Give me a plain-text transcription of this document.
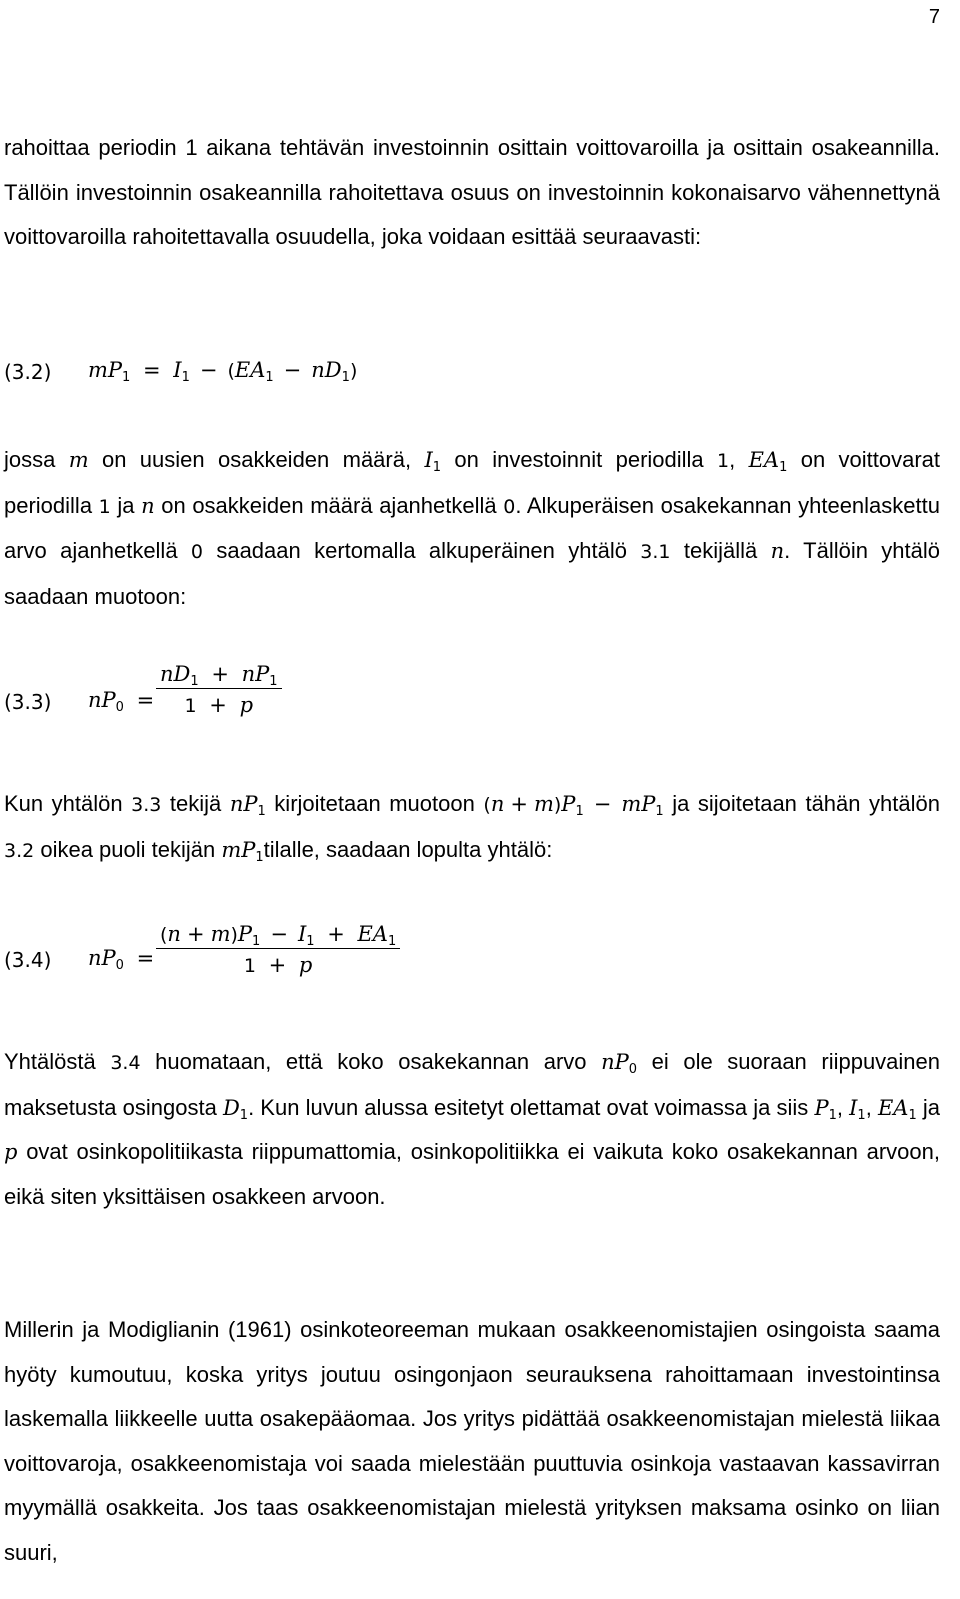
7

rahoittaa periodin 1 aikana tehtävän investoinnin osittain voittovaroilla ja osittain osakeannilla. Tällöin investoinnin osakeannilla rahoitettava osuus on investoinnin kokonaisarvo vähennettynä voittovaroilla rahoitettavalla osuudella, joka voidaan esittää seuraavasti:

(3.2) $mP_1 = I_1 - (EA_1 - nD_1)$

jossa m on uusien osakkeiden määrä, $I_1$ on investoinnit periodilla 1, $EA_1$ on voittovarat periodilla 1 ja n on osakkeiden määrä ajanhetkellä 0. Alkuperäisen osakekannan yhteenlaskettu arvo ajanhetkellä 0 saadaan kertomalla alkuperäinen yhtälö 3.1 tekijällä n. Tällöin yhtälö saadaan muotoon:

(3.3) $nP_0 = \frac{nD_1 + nP_1}{1 + p}$

Kun yhtälön 3.3 tekijä $nP_1$ kirjoitetaan muotoon $(n + m)P_1 - mP_1$ ja sijoitetaan tähän yhtälön 3.2 oikea puoli tekijän $mP_1tilalle$, saadaan lopulta yhtälö:

(3.4) $nP_0 = \frac{(n + m)P_1 - I_1 + EA_1}{1 + p}$

Yhtälöstä 3.4 huomataan, että koko osakekannan arvo $nP_0$ ei ole suoraan riippuvainen maksetusta osingosta $D_1$. Kun luvun alussa esitetyt olettamat ovat voimassa ja siis $P_1$, $I_1$, $EA_1$ ja p ovat osinkopolitiikasta riippumattomia, osinkopolitiikka ei vaikuta koko osakekannan arvoon, eikä siten yksittäisen osakkeen arvoon.

Millerin ja Modiglianin (1961) osinkoteoreeman mukaan osakkeenomistajien osingoista saama hyöty kumoutuu, koska yritys joutuu osingonjaon seurauksena rahoittamaan investointinsa laskemalla liikkeelle uutta osakepääomaa. Jos yritys pidättää osakkeenomistajan mielestä liikaa voittovaroja, osakkeenomistaja voi saada mielestään puuttuvia osinkoja vastaavan kassavirran myymällä osakkeita. Jos taas osakkeenomistajan mielestä yrityksen maksama osinko on liian suuri,
